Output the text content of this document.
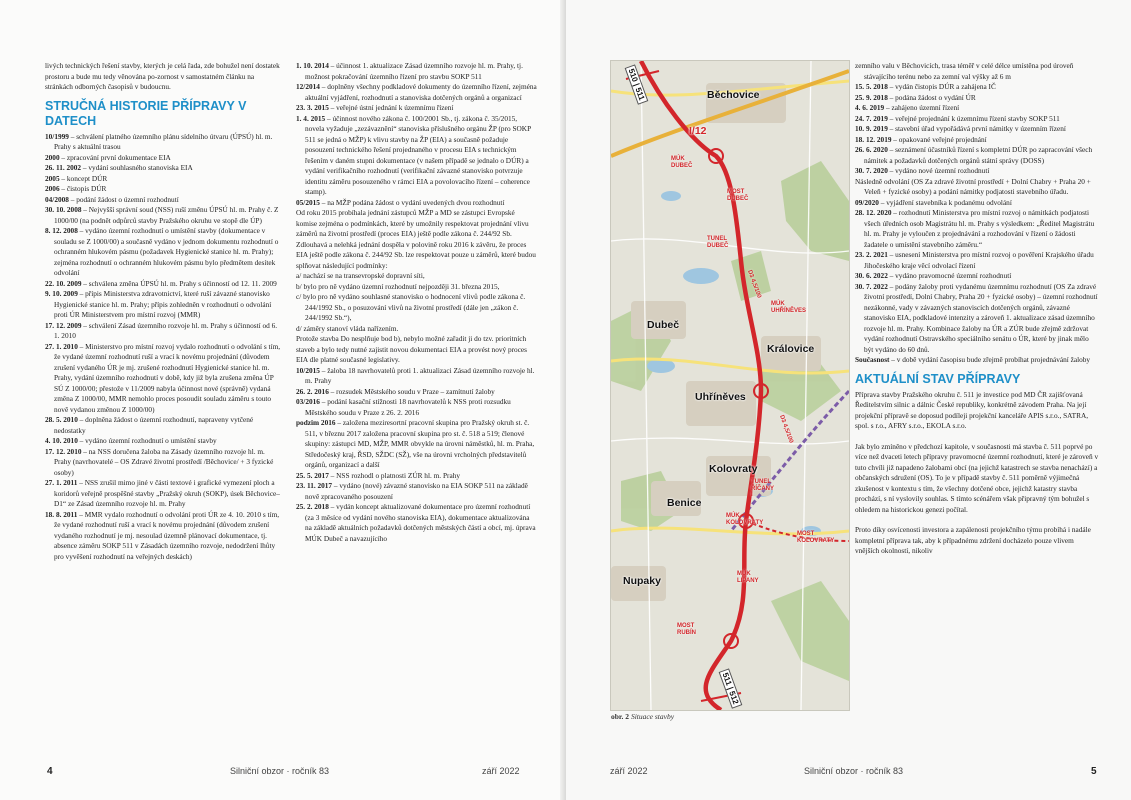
livých technických řešení stavby, kterých je celá řada, zde bohužel není dostatek prostoru a bude mu tedy věnována po-zornost v samostatném článku na stránkách odborných časopisů v budoucnu.

STRUČNÁ HISTORIE PŘÍPRAVY V DATECH

10/1999 – schválení platného územního plánu sídelního útvaru (ÚPSÚ) hl. m. Prahy s aktuální trasou

2000 – zpracování první dokumentace EIA

26. 11. 2002 – vydání souhlasného stanoviska EIA

2005 – koncept DÚR

2006 – čistopis DÚR

04/2008 – podání žádost o územní rozhodnutí

30. 10. 2008 – Nejvyšší správní soud (NSS) ruší změnu ÚPSÚ hl. m. Prahy č. Z 1000/00 (na podnět odpůrců stavby Pražského okruhu ve stopě dle ÚP)

8. 12. 2008 – vydáno územní rozhodnutí o umístění stavby (dokumentace v souladu se Z 1000/00) a současně vydáno v jednom dokumentu rozhodnutí o ochranném hlukovém pásmu (požadavek Hygienické stanice hl. m. Prahy); zejména rozhodnutí o ochranném hlukovém pásmu bylo předmětem desítek odvolání

22. 10. 2009 – schválena změna ÚPSÚ hl. m. Prahy s účinností od 12. 11. 2009

9. 10. 2009 – přípis Ministerstva zdravotnictví, které ruší závazné stanovisko Hygienické stanice hl. m. Prahy; přípis zohledněn v rozhodnutí o odvolání proti ÚR Ministerstvem pro místní rozvoj (MMR)

17. 12. 2009 – schválení Zásad územního rozvoje hl. m. Prahy s účinností od 6. 1. 2010

27. 1. 2010 – Ministerstvo pro místní rozvoj vydalo rozhodnutí o odvolání s tím, že vydané územní rozhodnutí ruší a vrací k novému projednání (důvodem zrušení vydaného ÚR je mj. zrušené rozhodnutí Hygienické stanice hl. m. Prahy, vydání územního rozhodnutí v době, kdy již byla zrušena změna ÚP SÚ Z 1000/00; přestože v 11/2009 nabyla účinnost nové (správně) vydaná změna Z 1000/00, MMR nemohlo proces posoudit souladu záměru s touto nově vydanou změnou Z 1000/00)

28. 5. 2010 – doplněna žádost o územní rozhodnutí, napraveny vytčené nedostatky

4. 10. 2010 – vydáno územní rozhodnutí o umístění stavby

17. 12. 2010 – na NSS doručena žaloba na Zásady územního rozvoje hl. m. Prahy (navrhovatelé – OS Zdravé životní prostředí /Běchovice/ + 3 fyzické osoby)

27. 1. 2011 – NSS zrušil mimo jiné v části textové i grafické vymezení ploch a koridorů veřejně prospěšné stavby „Pražský okruh (SOKP), úsek Běchovice–D1“ ze Zásad územního rozvoje hl. m. Prahy

18. 8. 2011 – MMR vydalo rozhodnutí o odvolání proti ÚR ze 4. 10. 2010 s tím, že vydané rozhodnutí ruší a vrací k novému projednání (důvodem zrušení vydaného rozhodnutí je mj. nesoulad územně plánovací dokumentace, tj. absence záměru SOKP 511 v Zásadách územního rozvoje, nedodržení lhůty pro vyvěšení rozhodnutí na veřejných deskách)

1. 10. 2014 – účinnost 1. aktualizace Zásad územního rozvoje hl. m. Prahy, tj. možnost pokračování územního řízení pro stavbu SOKP 511

12/2014 – doplněny všechny podkladové dokumenty do územního řízení, zejména aktuální vyjádření, rozhodnutí a stanoviska dotčených orgánů a organizací

23. 3. 2015 – veřejné ústní jednání k územnímu řízení

1. 4. 2015 – účinnost nového zákona č. 100/2001 Sb., tj. zákona č. 35/2015, novela vyžaduje „zezávaznění“ stanoviska příslušného orgánu ŽP (pro SOKP 511 se jedná o MŽP) k vlivu stavby na ŽP (EIA) a současně požaduje posouzení technického řešení projednaného v procesu EIA s technickým řešením v daném stupni dokumentace (v našem případě se jednalo o DÚR) a vydání verifikačního rozhodnutí (verifikační závazné stanovisko potvrzuje identitu záměru posouzeného v rámci EIA a povolovacího řízení – coherence stamp).

05/2015 – na MŽP podána žádost o vydání uvedených dvou rozhodnutí

Od roku 2015 probíhala jednání zástupců MŽP a MD se zástupci Evropské komise zejména o podmínkách, které by umožnily respektovat projednání vlivu záměrů na životní prostředí (proces EIA) ještě podle zákona č. 244/92 Sb. Zdlouhavá a nelehká jednání dospěla v polovině roku 2016 k závěru, že proces EIA ještě podle zákona č. 244/92 Sb. lze respektovat pouze u záměrů, které budou splňovat následující podmínky:

a/ nachází se na transevropské dopravní síti,

b/ bylo pro ně vydáno územní rozhodnutí nejpozději 31. března 2015,

c/ bylo pro ně vydáno souhlasné stanovisko o hodnocení vlivů podle zákona č. 244/1992 Sb., o posuzování vlivů na životní prostředí (dále jen „zákon č. 244/1992 Sb.“),

d/ záměry stanoví vláda nařízením.

Protože stavba Do nesplňuje bod b), nebylo možné zařadit ji do tzv. prioritních staveb a bylo tedy nutné zajistit novou dokumentaci EIA a provést nový proces EIA dle platné současné legislativy.

10/2015 – žaloba 18 navrhovatelů proti 1. aktualizaci Zásad územního rozvoje hl. m. Prahy

26. 2. 2016 – rozsudek Městského soudu v Praze – zamítnutí žaloby

03/2016 – podání kasační stížnosti 18 navrhovatelů k NSS proti rozsudku Městského soudu v Praze z 26. 2. 2016

podzim 2016 – založena meziresortní pracovní skupina pro Pražský okruh st. č. 511, v březnu 2017 založena pracovní skupina pro st. č. 518 a 519; členové skupiny: zástupci MD, MŽP, MMR obvykle na úrovni náměstků, hl. m. Praha, Středočeský kraj, ŘSD, SŽDC (SŽ), vše na úrovni vrcholných představitelů orgánů, organizací a další

25. 5. 2017 – NSS rozhodl o platnosti ZÚR hl. m. Prahy

23. 11. 2017 – vydáno (nové) závazné stanovisko na EIA SOKP 511 na základě nově zpracovaného posouzení

25. 2. 2018 – vydán koncept aktualizované dokumentace pro územní rozhodnutí (za 3 měsíce od vydání nového stanoviska EIA), dokumentace aktualizována na základě aktuálních požadavků dotčených městských částí a obcí, mj. úprava MÚK Dubeč a navazujícího

4	Silniční obzor · ročník 83	září 2022

zemního valu v Běchovicích, trasa téměř v celé délce umístěna pod úroveň stávajícího terénu nebo za zemní val výšky až 6 m

15. 5. 2018 – vydán čistopis DÚR a zahájena IČ

25. 9. 2018 – podána žádost o vydání ÚR

4. 6. 2019 – zahájeno územní řízení

24. 7. 2019 – veřejné projednání k územnímu řízení stavby SOKP 511

10. 9. 2019 – stavební úřad vypořádává první námitky v územním řízení

18. 12. 2019 – opakované veřejné projednání

26. 6. 2020 – seznámení účastníků řízení s kompletní DÚR po zapracování všech námitek a požadavků dotčených orgánů státní správy (DOSS)

30. 7. 2020 – vydáno nové územní rozhodnutí

Následně odvolání (OS Za zdravé životní prostředí + Dolní Chabry + Praha 20 + Veleň + fyzické osoby) a podání námitky podjatosti stavebního úřadu.

09/2020 – vyjádření stavebníka k podanému odvolání

28. 12. 2020 – rozhodnutí Ministerstva pro místní rozvoj o námitkách podjatosti všech úředních osob Magistrátu hl. m. Prahy s výsledkem: „Ředitel Magistrátu hl. m. Prahy je vyloučen z projednávání a rozhodování v řízení o žádosti žadatele o umístění stavebního záměru.“

23. 2. 2021 – usnesení Ministerstva pro místní rozvoj o pověření Krajského úřadu Jihočeského kraje věcí odvolací řízení

30. 6. 2022 – vydáno pravomocné územní rozhodnutí

30. 7. 2022 – podány žaloby proti vydanému územnímu rozhodnutí (OS Za zdravé životní prostředí, Dolní Chabry, Praha 20 + fyzické osoby) – územní rozhodnutí nezákonné, vady v závazných stanoviscích dotčených orgánů, závazné stanovisko EIA, podkladové intenzity a zároveň 1. aktualizace zásad územního rozvoje hl. m. Prahy. Kombinace žaloby na ÚR a ZÚR bude zřejmě zdržovat vydání rozhodnutí Ostravského speciálního senátu o ÚR, které by jinak mělo být vydáno do 60 dnů.

Současnost – v době vydání časopisu bude zřejmě probíhat projednávání žaloby

AKTUÁLNÍ STAV PŘÍPRAVY

Příprava stavby Pražského okruhu č. 511 je investice pod MD ČR zajišťovaná Ředitelstvím silnic a dálnic České republiky, konkrétně závodem Praha. Na její projekční přípravě se doposud podíleji projekční kanceláře APIS s.r.o., SATRA, spol. s r.o., AFRY s.r.o., EKOLA s.r.o.

Jak bylo zmíněno v předchozí kapitole, v současnosti má stavba č. 511 poprvé po více než dvaceti letech přípravy pravomocné územní rozhodnutí, které je zároveň v tuto chvíli již napadeno žalobami obcí (na jejichž katastrech se stavba nenachází) a občanských sdružení (OS). To je v případě stavby č. 511 poměrně výjimečná zkušenost v kontextu s tím, že všechny dotčené obce, jejichž katastry stavba prochází, s ní vyslovily souhlas. S tímto scénářem však připravný tým bohužel s ohledem na historickou genezi počítal.

Proto díky osvícenosti investora a zapálenosti projekčního týmu probíhá i nadále kompletní příprava tak, aby k případnému zdržení docházelo pouze vlivem vnějších okolností, nikoliv

září 2022	Silniční obzor · ročník 83	5
Běchovice
Dubeč
Uhříněves
Královice
Kolovraty
Benice
Nupaky
510 | 511
511 | 512
I/12
MÚK
DUBEČ
MOST
DUBEČ
TUNEL
DUBEČ
MÚK
UHŘÍNĚVES
D3 4,5/100
D3 4,5/100
TUNEL
ŘÍČANY
I
MÚK
KOLOVRATY
MOST
KOLOVRATY
MÚK
LIPANY
MOST
RUBÍN
obr. 2 Situace stavby
